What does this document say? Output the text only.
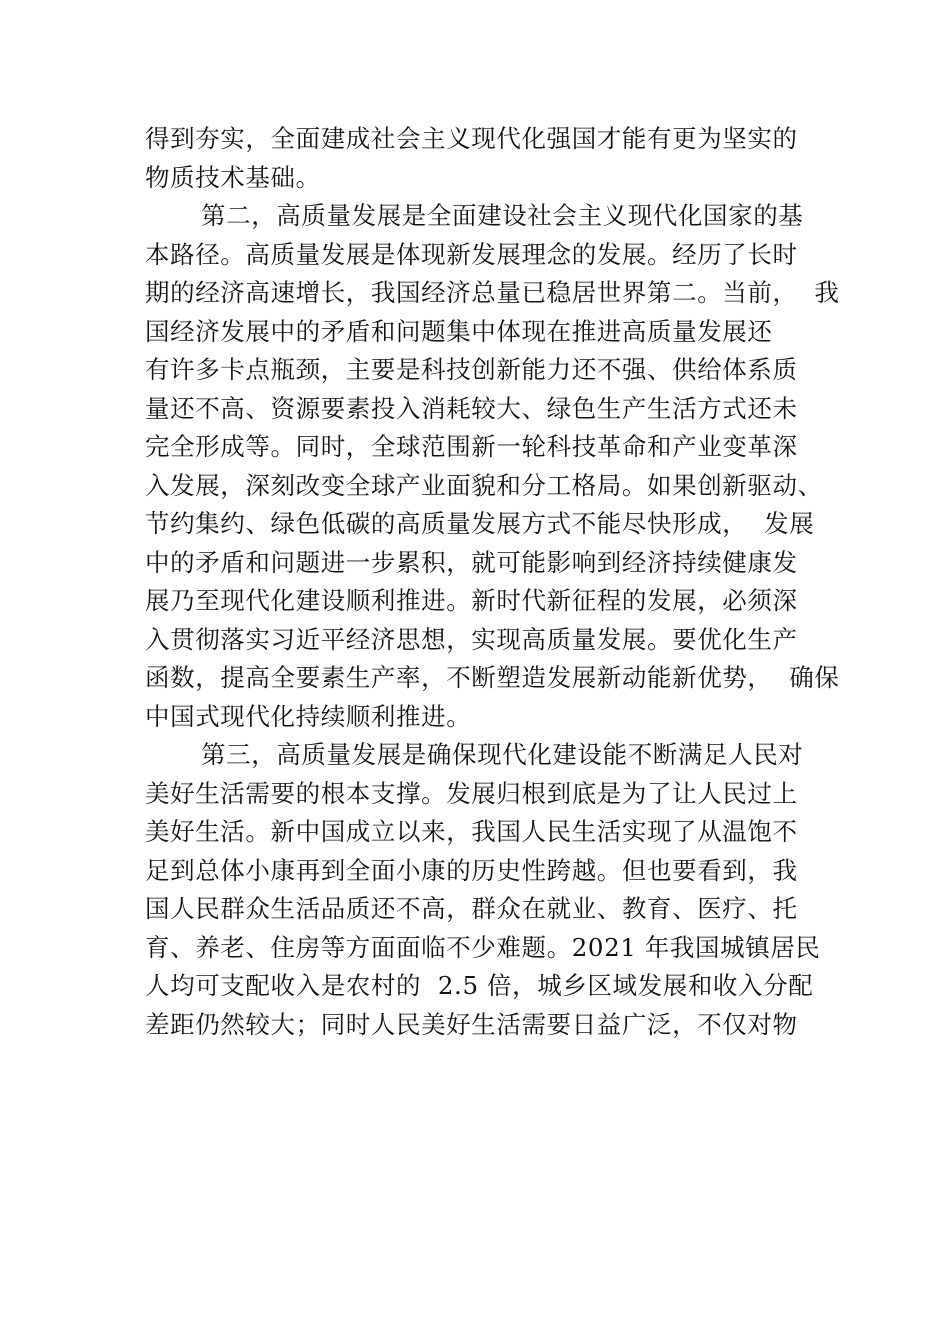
得到夯实，全面建成社会主义现代化强国才能有更为坚实的
物质技术基础。
第二，高质量发展是全面建设社会主义现代化国家的基
本路径。高质量发展是体现新发展理念的发展。经历了长时
期的经济高速增长，我国经济总量已稳居世界第二。当前，  我
国经济发展中的矛盾和问题集中体现在推进高质量发展还
有许多卡点瓶颈，主要是科技创新能力还不强、供给体系质
量还不高、资源要素投入消耗较大、绿色生产生活方式还未
完全形成等。同时，全球范围新一轮科技革命和产业变革深
入发展，深刻改变全球产业面貌和分工格局。如果创新驱动、
节约集约、绿色低碳的高质量发展方式不能尽快形成，  发展
中的矛盾和问题进一步累积，就可能影响到经济持续健康发
展乃至现代化建设顺利推进。新时代新征程的发展，必须深
入贯彻落实习近平经济思想，实现高质量发展。要优化生产
函数，提高全要素生产率，不断塑造发展新动能新优势，  确保
中国式现代化持续顺利推进。
第三，高质量发展是确保现代化建设能不断满足人民对
美好生活需要的根本支撑。发展归根到底是为了让人民过上
美好生活。新中国成立以来，我国人民生活实现了从温饱不
足到总体小康再到全面小康的历史性跨越。但也要看到，我
国人民群众生活品质还不高，群众在就业、教育、医疗、托
育、养老、住房等方面面临不少难题。2021 年我国城镇居民
人均可支配收入是农村的  2.5 倍，城乡区域发展和收入分配
差距仍然较大；同时人民美好生活需要日益广泛，不仅对物
